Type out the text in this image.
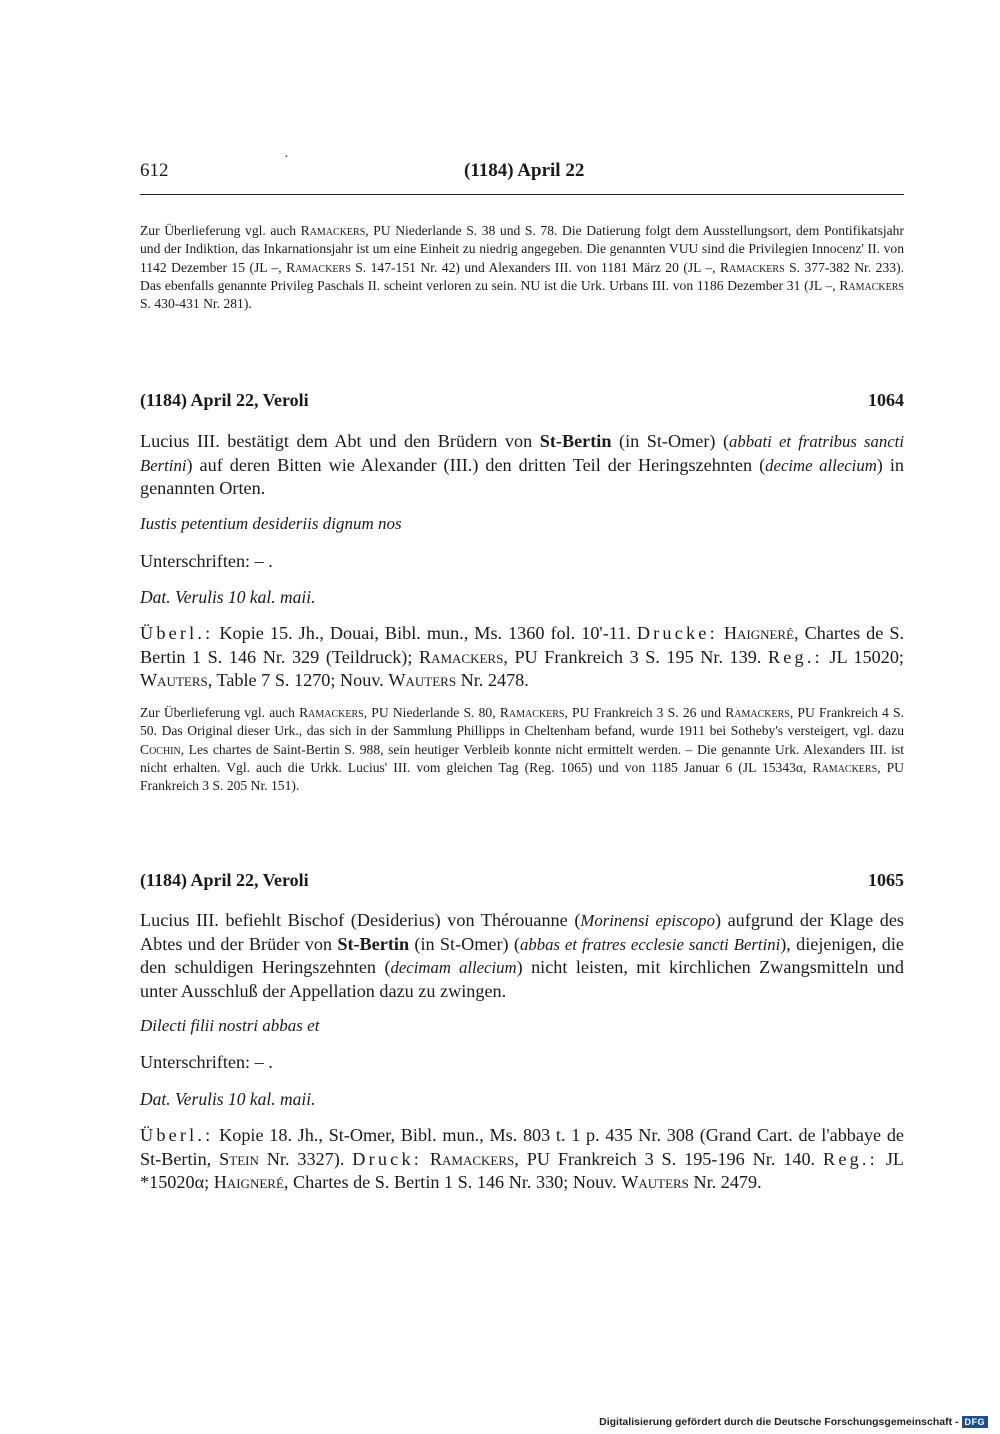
·
612	(1184) April 22

Zur Überlieferung vgl. auch Ramackers, PU Niederlande S. 38 und S. 78. Die Datierung folgt dem Ausstellungsort, dem Pontifikatsjahr und der Indiktion, das Inkarnationsjahr ist um eine Einheit zu niedrig angegeben. Die genannten VUU sind die Privilegien Innocenz' II. von 1142 Dezember 15 (JL –, Ramackers S. 147-151 Nr. 42) und Alexanders III. von 1181 März 20 (JL –, Ramackers S. 377-382 Nr. 233). Das ebenfalls genannte Privileg Paschals II. scheint verloren zu sein. NU ist die Urk. Urbans III. von 1186 Dezember 31 (JL –, Ramackers S. 430-431 Nr. 281).

(1184) April 22, Veroli	1064

Lucius III. bestätigt dem Abt und den Brüdern von St-Bertin (in St-Omer) (abbati et fratribus sancti Bertini) auf deren Bitten wie Alexander (III.) den dritten Teil der Heringszehnten (decime allecium) in genannten Orten.

Iustis petentium desideriis dignum nos
Unterschriften: – .
Dat. Verulis 10 kal. maii.

Überl.: Kopie 15. Jh., Douai, Bibl. mun., Ms. 1360 fol. 10'-11. Drucke: Haigneré, Chartes de S. Bertin 1 S. 146 Nr. 329 (Teildruck); Ramackers, PU Frankreich 3 S. 195 Nr. 139. Reg.: JL 15020; Wauters, Table 7 S. 1270; Nouv. Wauters Nr. 2478.

Zur Überlieferung vgl. auch Ramackers, PU Niederlande S. 80, Ramackers, PU Frankreich 3 S. 26 und Ramackers, PU Frankreich 4 S. 50. Das Original dieser Urk., das sich in der Sammlung Phillipps in Cheltenham befand, wurde 1911 bei Sotheby's versteigert, vgl. dazu Cochin, Les chartes de Saint-Bertin S. 988, sein heutiger Verbleib konnte nicht ermittelt werden. – Die genannte Urk. Alexanders III. ist nicht erhalten. Vgl. auch die Urkk. Lucius' III. vom gleichen Tag (Reg. 1065) und von 1185 Januar 6 (JL 15343α, Ramackers, PU Frankreich 3 S. 205 Nr. 151).

(1184) April 22, Veroli	1065

Lucius III. befiehlt Bischof (Desiderius) von Thérouanne (Morinensi episcopo) aufgrund der Klage des Abtes und der Brüder von St-Bertin (in St-Omer) (abbas et fratres ecclesie sancti Bertini), diejenigen, die den schuldigen Heringszehnten (decimam allecium) nicht leisten, mit kirchlichen Zwangsmitteln und unter Ausschluß der Appellation dazu zu zwingen.

Dilecti filii nostri abbas et
Unterschriften: – .
Dat. Verulis 10 kal. maii.

Überl.: Kopie 18. Jh., St-Omer, Bibl. mun., Ms. 803 t. 1 p. 435 Nr. 308 (Grand Cart. de l'abbaye de St-Bertin, Stein Nr. 3327). Druck: Ramackers, PU Frankreich 3 S. 195-196 Nr. 140. Reg.: JL *15020α; Haigneré, Chartes de S. Bertin 1 S. 146 Nr. 330; Nouv. Wauters Nr. 2479.

Digitalisierung gefördert durch die Deutsche Forschungsgemeinschaft - DFG
